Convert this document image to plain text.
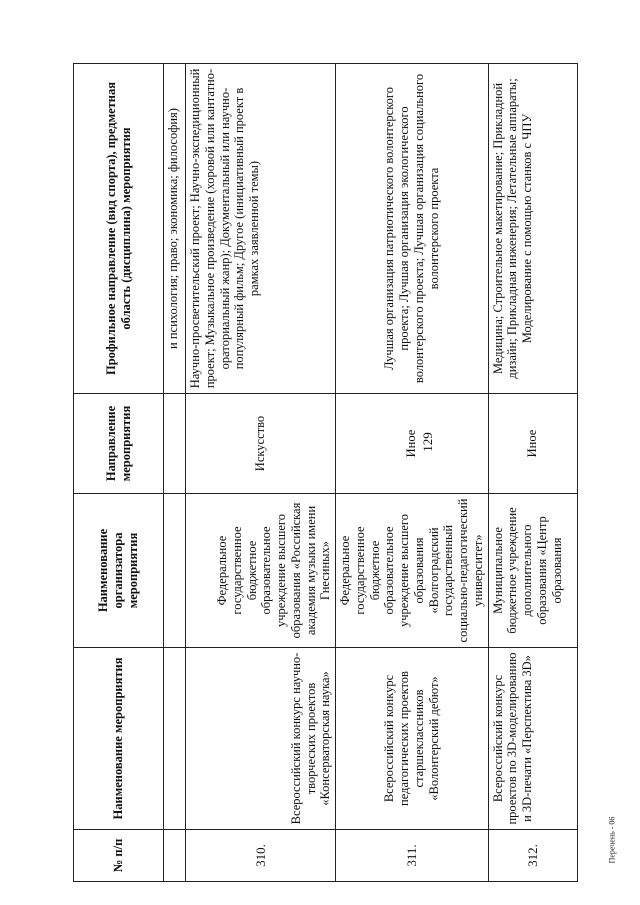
129
№ п/п	Наименование мероприятия	Наименование организатора мероприятия	Направление мероприятия	Профильное направление (вид спорта), предметная область (дисциплина) мероприятия
				и психология; право; экономика; философия)
310.	Всероссийский конкурс научно-творческих проектов «Консерваторская наука»	Федеральное государственное бюджетное образовательное учреждение высшего образования «Российская академия музыки имени Гнесиных»	Искусство	Научно-просветительский проект; Научно-экспедиционный проект; Музыкальное произведение (хоровой или кантатно-ораториальный жанр); Документальный или научно-популярный фильм; Другое (инициативный проект в рамках заявленной темы)
311.	Всероссийский конкурс педагогических проектов старшеклассников «Волонтерский дебют»	Федеральное государственное бюджетное образовательное учреждение высшего образования «Волгоградский государственный социально-педагогический университет»	Иное	Лучшая организация патриотического волонтерского проекта; Лучшая организация экологического волонтерского проекта; Лучшая организация социального волонтерского проекта
312.	Всероссийский конкурс проектов по 3D-моделированию и 3D-печати «Перспектива 3D»	Муниципальное бюджетное учреждение дополнительного образования «Центр образования	Иное	Медицина; Строительное макетирование; Прикладной дизайн; Прикладная инженерия; Летательные аппараты; Моделирование с помощью станков с ЧПУ
Перечень - 06
